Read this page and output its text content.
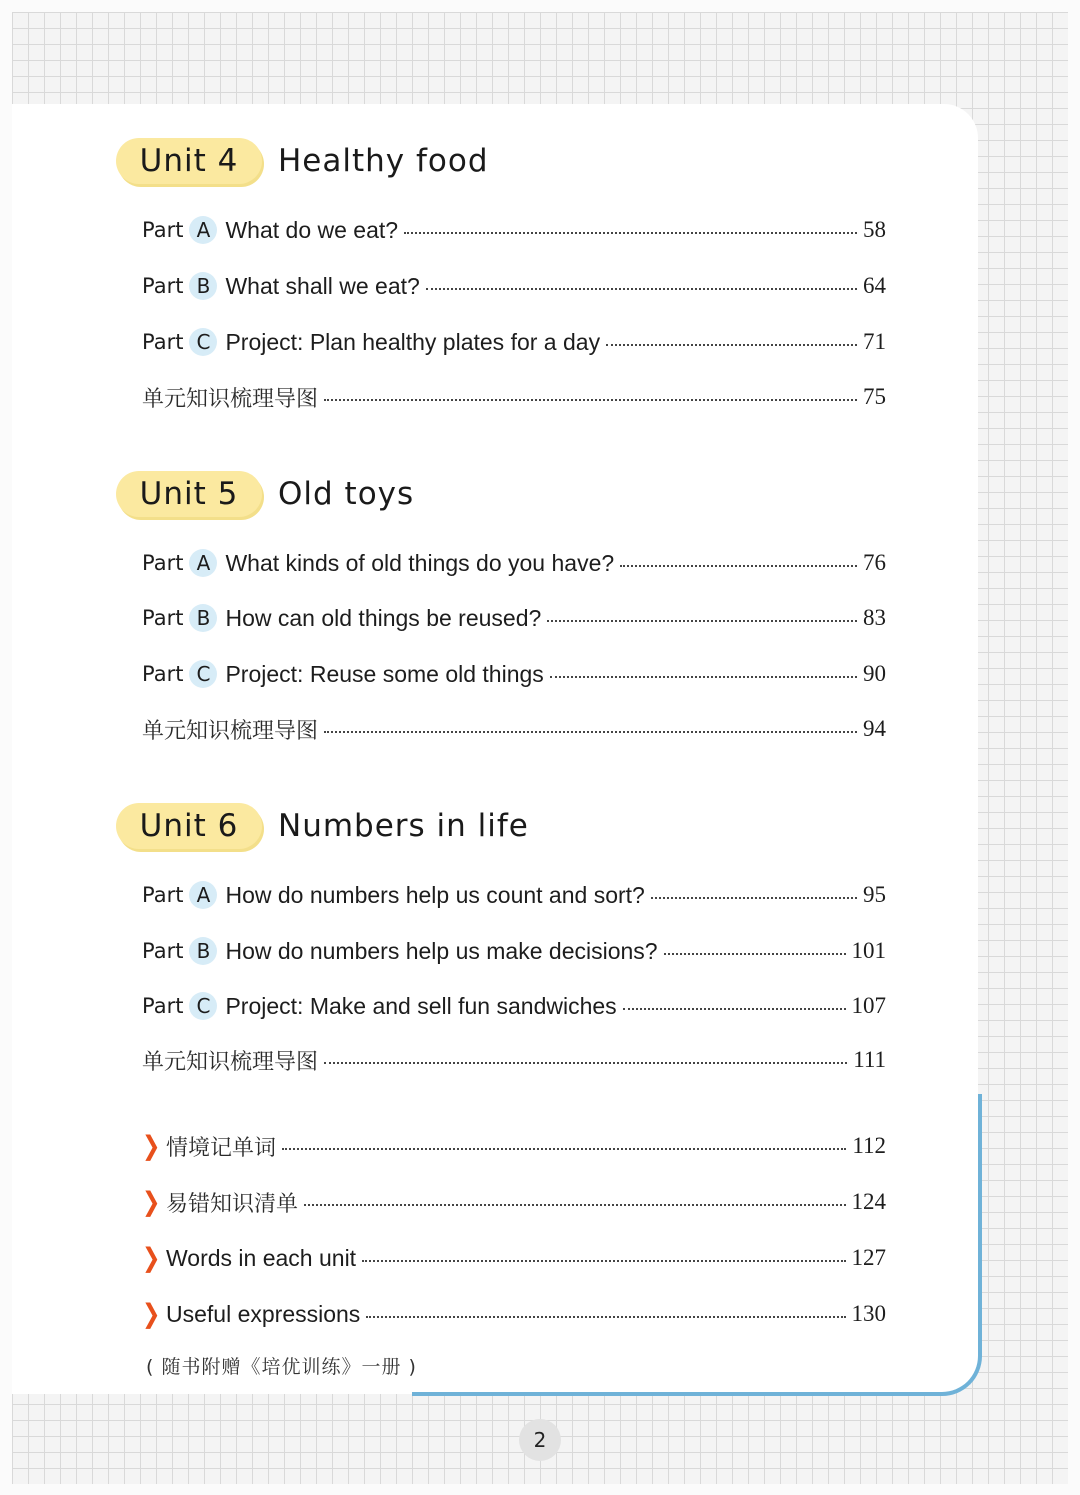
Unit 4	Healthy food
Part A What do we eat?	58
Part B What shall we eat?	64
Part C Project: Plan healthy plates for a day	71
单元知识梳理导图	75
Unit 5	Old toys
Part A What kinds of old things do you have?	76
Part B How can old things be reused?	83
Part C Project: Reuse some old things	90
单元知识梳理导图	94
Unit 6	Numbers in life
Part A How do numbers help us count and sort?	95
Part B How do numbers help us make decisions?	101
Part C Project: Make and sell fun sandwiches	107
单元知识梳理导图	111
❯ 情境记单词	112
❯ 易错知识清单	124
❯ Words in each unit	127
❯ Useful expressions	130
( 随书附赠《培优训练》一册 )
2
